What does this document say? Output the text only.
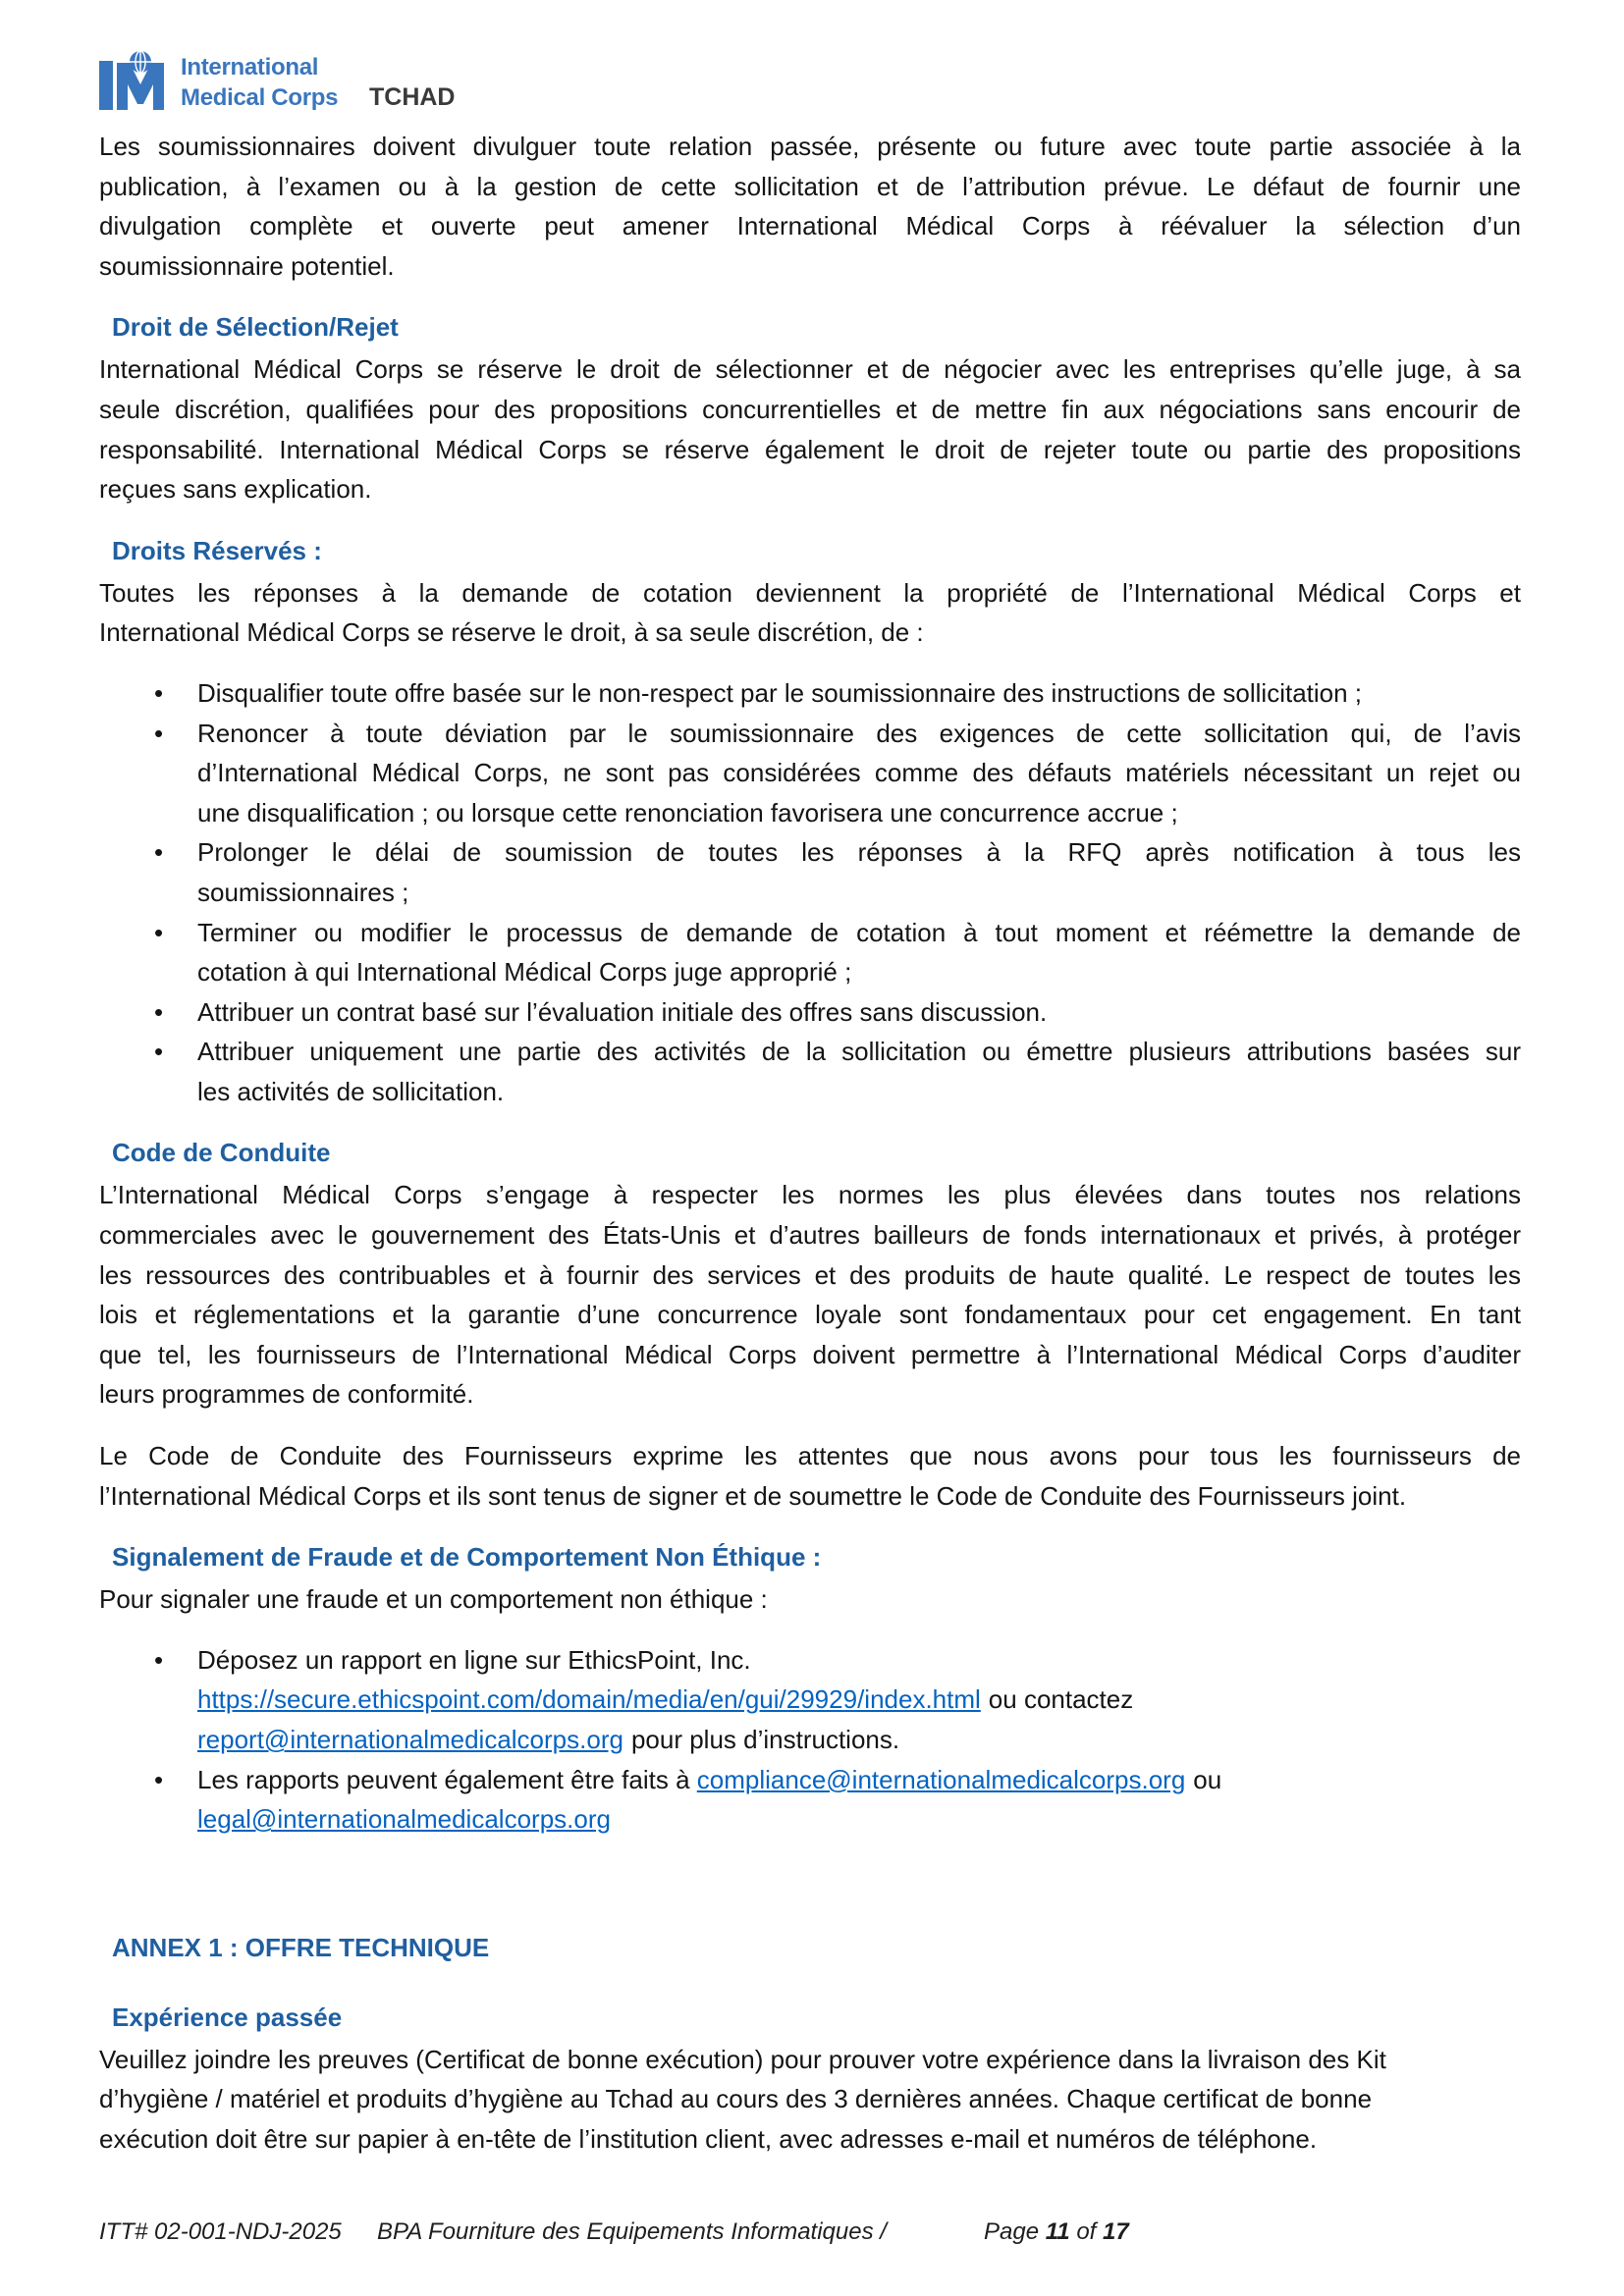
International
Medical Corps TCHAD
Les soumissionnaires doivent divulguer toute relation passée, présente ou future avec toute partie associée à la
publication, à l’examen ou à la gestion de cette sollicitation et de l’attribution prévue. Le défaut de fournir une
divulgation complète et ouverte peut amener International Médical Corps à réévaluer la sélection d’un
soumissionnaire potentiel.
Droit de Sélection/Rejet
International Médical Corps se réserve le droit de sélectionner et de négocier avec les entreprises qu’elle juge, à sa
seule discrétion, qualifiées pour des propositions concurrentielles et de mettre fin aux négociations sans encourir de
responsabilité. International Médical Corps se réserve également le droit de rejeter toute ou partie des propositions
reçues sans explication.
Droits Réservés :
Toutes les réponses à la demande de cotation deviennent la propriété de l’International Médical Corps et
International Médical Corps se réserve le droit, à sa seule discrétion, de :
• Disqualifier toute offre basée sur le non-respect par le soumissionnaire des instructions de sollicitation ;
• Renoncer à toute déviation par le soumissionnaire des exigences de cette sollicitation qui, de l’avis
d’International Médical Corps, ne sont pas considérées comme des défauts matériels nécessitant un rejet ou
une disqualification ; ou lorsque cette renonciation favorisera une concurrence accrue ;
• Prolonger le délai de soumission de toutes les réponses à la RFQ après notification à tous les
soumissionnaires ;
• Terminer ou modifier le processus de demande de cotation à tout moment et réémettre la demande de
cotation à qui International Médical Corps juge approprié ;
• Attribuer un contrat basé sur l’évaluation initiale des offres sans discussion.
• Attribuer uniquement une partie des activités de la sollicitation ou émettre plusieurs attributions basées sur
les activités de sollicitation.
Code de Conduite
L’International Médical Corps s’engage à respecter les normes les plus élevées dans toutes nos relations
commerciales avec le gouvernement des États-Unis et d’autres bailleurs de fonds internationaux et privés, à protéger
les ressources des contribuables et à fournir des services et des produits de haute qualité. Le respect de toutes les
lois et réglementations et la garantie d’une concurrence loyale sont fondamentaux pour cet engagement. En tant
que tel, les fournisseurs de l’International Médical Corps doivent permettre à l’International Médical Corps d’auditer
leurs programmes de conformité.
Le Code de Conduite des Fournisseurs exprime les attentes que nous avons pour tous les fournisseurs de
l’International Médical Corps et ils sont tenus de signer et de soumettre le Code de Conduite des Fournisseurs joint.
Signalement de Fraude et de Comportement Non Éthique :
Pour signaler une fraude et un comportement non éthique :
• Déposez un rapport en ligne sur EthicsPoint, Inc.
https://secure.ethicspoint.com/domain/media/en/gui/29929/index.html ou contactez
report@internationalmedicalcorps.org pour plus d’instructions.
• Les rapports peuvent également être faits à compliance@internationalmedicalcorps.org ou
legal@internationalmedicalcorps.org
ANNEX 1 : OFFRE TECHNIQUE
Expérience passée
Veuillez joindre les preuves (Certificat de bonne exécution) pour prouver votre expérience dans la livraison des Kit
d’hygiène / matériel et produits d’hygiène au Tchad au cours des 3 dernières années. Chaque certificat de bonne
exécution doit être sur papier à en-tête de l’institution client, avec adresses e-mail et numéros de téléphone.
ITT# 02-001-NDJ-2025 BPA Fourniture des Equipements Informatiques /	Page 11 of 17
